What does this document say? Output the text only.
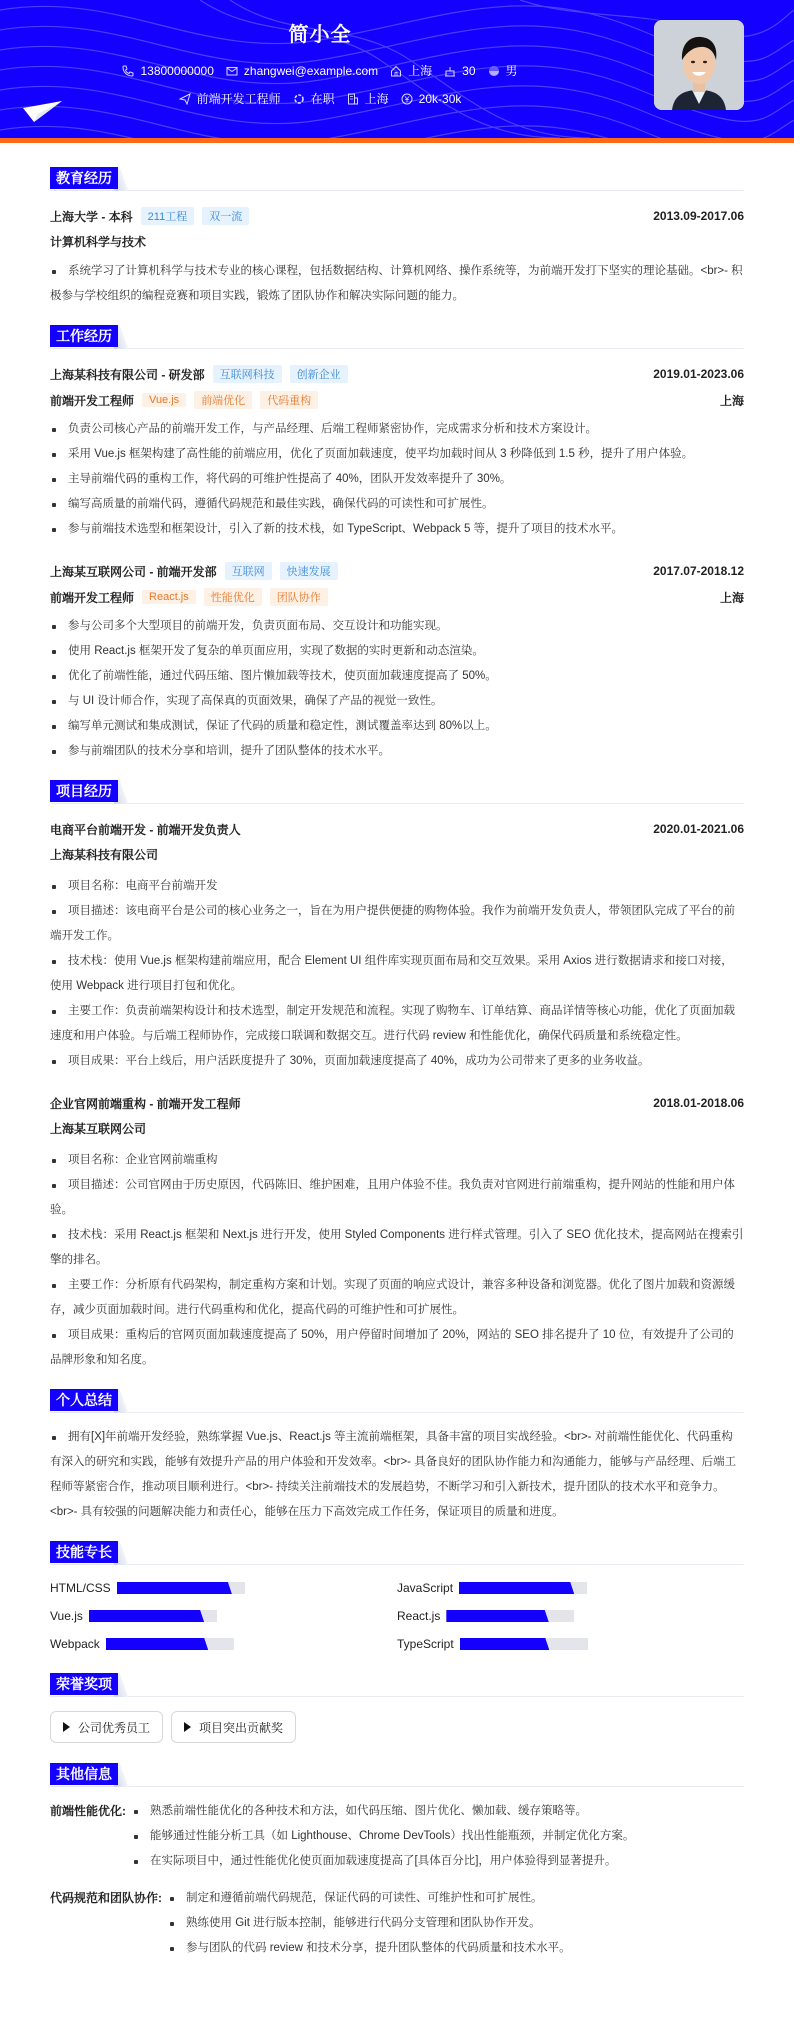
简小全
13800000000	zhangwei@example.com	上海	30	男
前端开发工程师	在职	上海	20k-30k
教育经历
上海大学 - 本科	211工程	双一流	2013.09-2017.06
计算机科学与技术
系统学习了计算机科学与技术专业的核心课程，包括数据结构、计算机网络、操作系统等，为前端开发打下坚实的理论基础。<br>- 积极参与学校组织的编程竞赛和项目实践，锻炼了团队协作和解决实际问题的能力。
工作经历
上海某科技有限公司 - 研发部	互联网科技	创新企业	2019.01-2023.06
前端开发工程师	Vue.js	前端优化	代码重构	上海
负责公司核心产品的前端开发工作，与产品经理、后端工程师紧密协作，完成需求分析和技术方案设计。
采用 Vue.js 框架构建了高性能的前端应用，优化了页面加载速度，使平均加载时间从 3 秒降低到 1.5 秒，提升了用户体验。
主导前端代码的重构工作，将代码的可维护性提高了 40%，团队开发效率提升了 30%。
编写高质量的前端代码，遵循代码规范和最佳实践，确保代码的可读性和可扩展性。
参与前端技术选型和框架设计，引入了新的技术栈，如 TypeScript、Webpack 5 等，提升了项目的技术水平。
上海某互联网公司 - 前端开发部	互联网	快速发展	2017.07-2018.12
前端开发工程师	React.js	性能优化	团队协作	上海
参与公司多个大型项目的前端开发，负责页面布局、交互设计和功能实现。
使用 React.js 框架开发了复杂的单页面应用，实现了数据的实时更新和动态渲染。
优化了前端性能，通过代码压缩、图片懒加载等技术，使页面加载速度提高了 50%。
与 UI 设计师合作，实现了高保真的页面效果，确保了产品的视觉一致性。
编写单元测试和集成测试，保证了代码的质量和稳定性，测试覆盖率达到 80%以上。
参与前端团队的技术分享和培训，提升了团队整体的技术水平。
项目经历
电商平台前端开发 - 前端开发负责人	2020.01-2021.06
上海某科技有限公司
项目名称：电商平台前端开发
项目描述：该电商平台是公司的核心业务之一，旨在为用户提供便捷的购物体验。我作为前端开发负责人，带领团队完成了平台的前端开发工作。
技术栈：使用 Vue.js 框架构建前端应用，配合 Element UI 组件库实现页面布局和交互效果。采用 Axios 进行数据请求和接口对接，使用 Webpack 进行项目打包和优化。
主要工作：负责前端架构设计和技术选型，制定开发规范和流程。实现了购物车、订单结算、商品详情等核心功能，优化了页面加载速度和用户体验。与后端工程师协作，完成接口联调和数据交互。进行代码 review 和性能优化，确保代码质量和系统稳定性。
项目成果：平台上线后，用户活跃度提升了 30%，页面加载速度提高了 40%，成功为公司带来了更多的业务收益。
企业官网前端重构 - 前端开发工程师	2018.01-2018.06
上海某互联网公司
项目名称：企业官网前端重构
项目描述：公司官网由于历史原因，代码陈旧、维护困难，且用户体验不佳。我负责对官网进行前端重构，提升网站的性能和用户体验。
技术栈：采用 React.js 框架和 Next.js 进行开发，使用 Styled Components 进行样式管理。引入了 SEO 优化技术，提高网站在搜索引擎的排名。
主要工作：分析原有代码架构，制定重构方案和计划。实现了页面的响应式设计，兼容多种设备和浏览器。优化了图片加载和资源缓存，减少页面加载时间。进行代码重构和优化，提高代码的可维护性和可扩展性。
项目成果：重构后的官网页面加载速度提高了 50%，用户停留时间增加了 20%，网站的 SEO 排名提升了 10 位，有效提升了公司的品牌形象和知名度。
个人总结
拥有[X]年前端开发经验，熟练掌握 Vue.js、React.js 等主流前端框架，具备丰富的项目实战经验。<br>- 对前端性能优化、代码重构有深入的研究和实践，能够有效提升产品的用户体验和开发效率。<br>- 具备良好的团队协作能力和沟通能力，能够与产品经理、后端工程师等紧密合作，推动项目顺利进行。<br>- 持续关注前端技术的发展趋势，不断学习和引入新技术，提升团队的技术水平和竞争力。<br>- 具有较强的问题解决能力和责任心，能够在压力下高效完成工作任务，保证项目的质量和进度。
技能专长
HTML/CSS	JavaScript
Vue.js	React.js
Webpack	TypeScript
荣誉奖项
公司优秀员工	项目突出贡献奖
其他信息
前端性能优化:	熟悉前端性能优化的各种技术和方法，如代码压缩、图片优化、懒加载、缓存策略等。
能够通过性能分析工具（如 Lighthouse、Chrome DevTools）找出性能瓶颈，并制定优化方案。
在实际项目中，通过性能优化使页面加载速度提高了[具体百分比]，用户体验得到显著提升。
代码规范和团队协作:	制定和遵循前端代码规范，保证代码的可读性、可维护性和可扩展性。
熟练使用 Git 进行版本控制，能够进行代码分支管理和团队协作开发。
参与团队的代码 review 和技术分享，提升团队整体的代码质量和技术水平。
